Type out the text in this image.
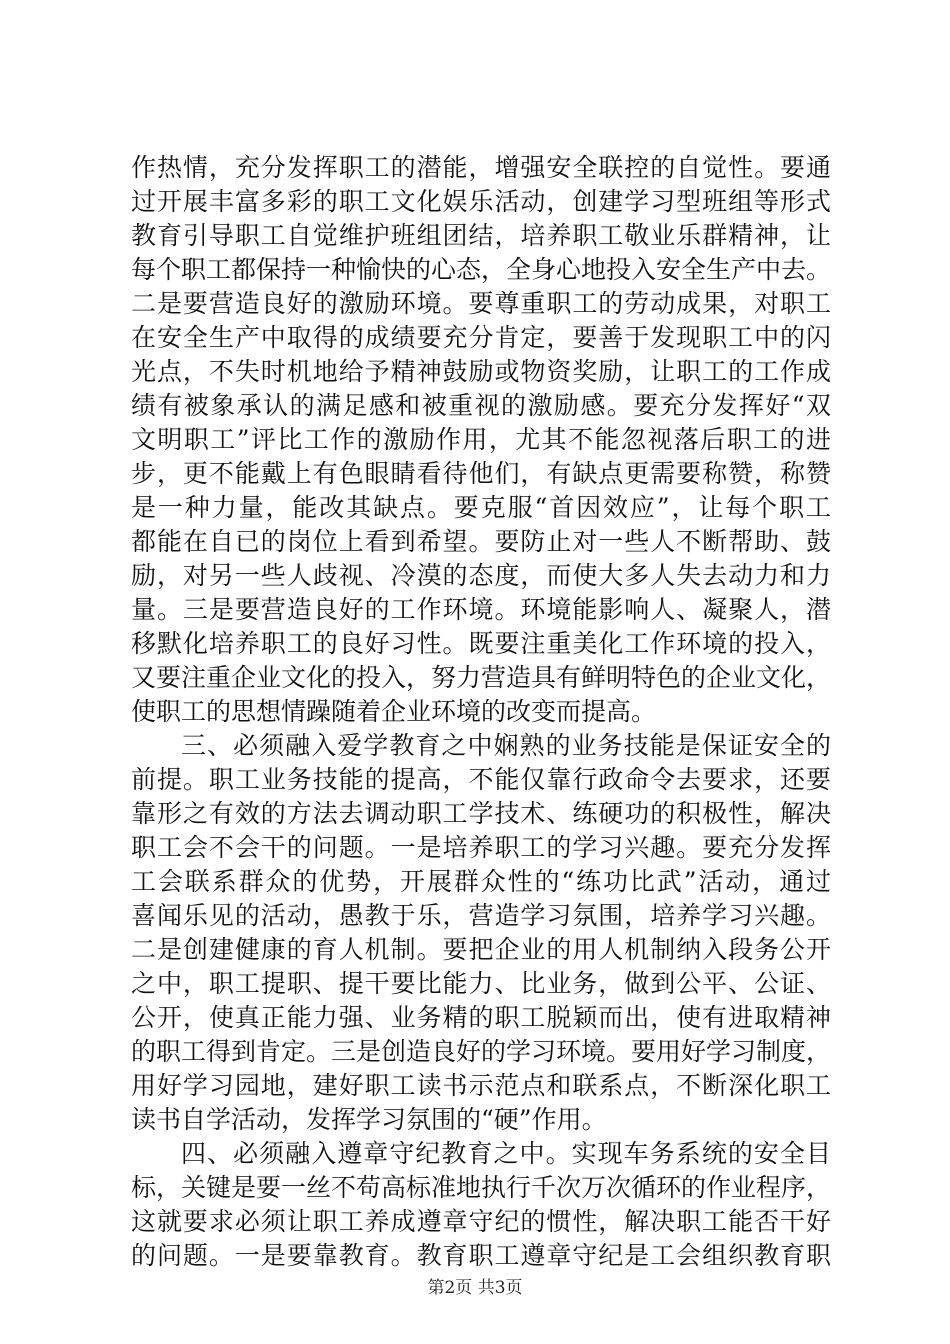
作热情，充分发挥职工的潜能，增强安全联控的自觉性。要通
过开展丰富多彩的职工文化娱乐活动，创建学习型班组等形式
教育引导职工自觉维护班组团结，培养职工敬业乐群精神，让
每个职工都保持一种愉快的心态，全身心地投入安全生产中去。
二是要营造良好的激励环境。要尊重职工的劳动成果，对职工
在安全生产中取得的成绩要充分肯定，要善于发现职工中的闪
光点，不失时机地给予精神鼓励或物资奖励，让职工的工作成
绩有被象承认的满足感和被重视的激励感。要充分发挥好“双
文明职工”评比工作的激励作用，尤其不能忽视落后职工的进
步，更不能戴上有色眼睛看待他们，有缺点更需要称赞，称赞
是一种力量，能改其缺点。要克服“首因效应”，让每个职工
都能在自已的岗位上看到希望。要防止对一些人不断帮助、鼓
励，对另一些人歧视、冷漠的态度，而使大多人失去动力和力
量。三是要营造良好的工作环境。环境能影响人、凝聚人，潜
移默化培养职工的良好习性。既要注重美化工作环境的投入，
又要注重企业文化的投入，努力营造具有鲜明特色的企业文化，
使职工的思想情躁随着企业环境的改变而提高。
三、必须融入爱学教育之中娴熟的业务技能是保证安全的
前提。职工业务技能的提高，不能仅靠行政命令去要求，还要
靠形之有效的方法去调动职工学技术、练硬功的积极性，解决
职工会不会干的问题。一是培养职工的学习兴趣。要充分发挥
工会联系群众的优势，开展群众性的“练功比武”活动，通过
喜闻乐见的活动，愚教于乐，营造学习氛围，培养学习兴趣。
二是创建健康的育人机制。要把企业的用人机制纳入段务公开
之中，职工提职、提干要比能力、比业务，做到公平、公证、
公开，使真正能力强、业务精的职工脱颖而出，使有进取精神
的职工得到肯定。三是创造良好的学习环境。要用好学习制度，
用好学习园地，建好职工读书示范点和联系点，不断深化职工
读书自学活动，发挥学习氛围的“硬”作用。
四、必须融入遵章守纪教育之中。实现车务系统的安全目
标，关键是要一丝不苟高标准地执行千次万次循环的作业程序，
这就要求必须让职工养成遵章守纪的惯性，解决职工能否干好
的问题。一是要靠教育。教育职工遵章守纪是工会组织教育职
第2页 共3页
